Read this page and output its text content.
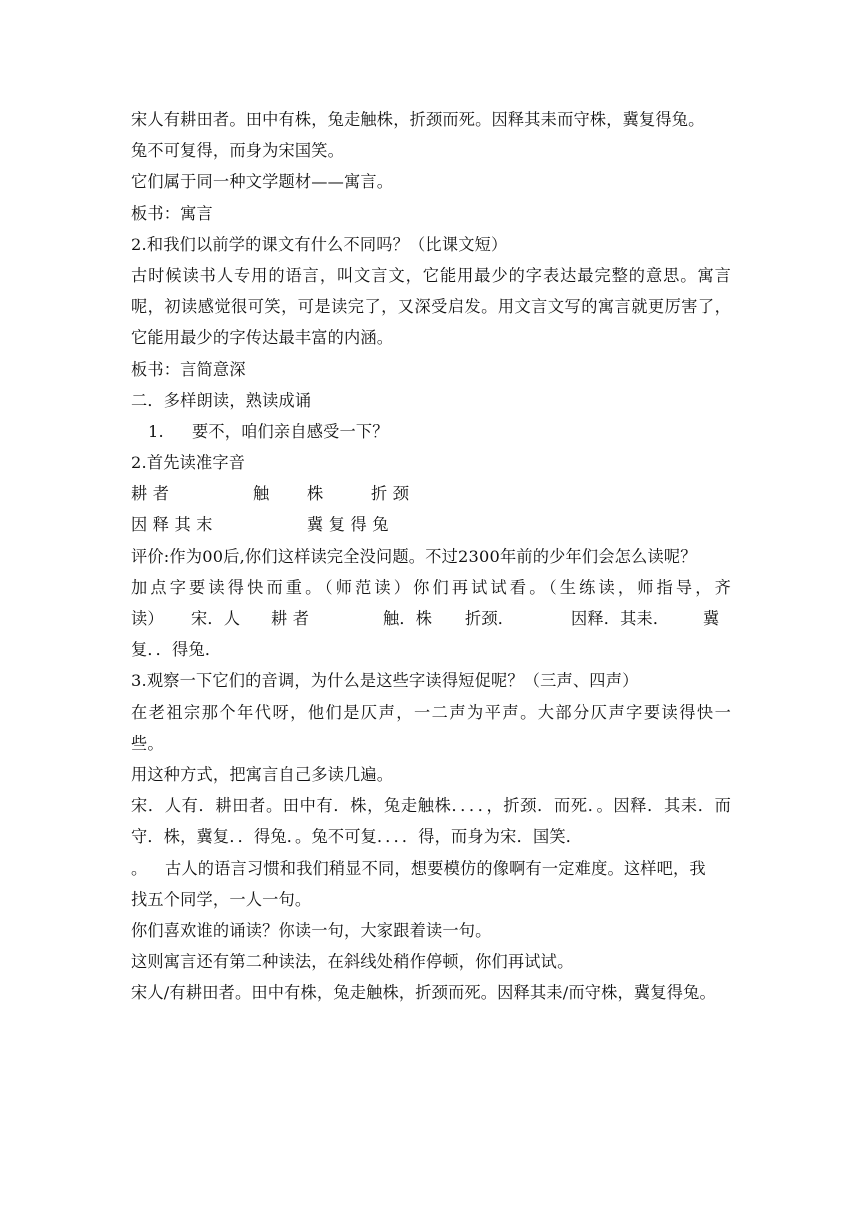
宋人有耕田者。田中有株，兔走触株，折颈而死。因释其耒而守株，冀复得兔。
兔不可复得，而身为宋国笑。
它们属于同一种文学题材——寓言。
板书：寓言
2.和我们以前学的课文有什么不同吗？（比课文短）
古时候读书人专用的语言，叫文言文，它能用最少的字表达最完整的意思。寓言
呢，初读感觉很可笑，可是读完了，又深受启发。用文言文写的寓言就更厉害了，
它能用最少的字传达最丰富的内涵。
板书：言简意深
二．多样朗读，熟读成诵
1. 要不，咱们亲自感受一下？
2.首先读准字音
耕 者	触 株	折 颈
因 释 其 末	冀 复 得 兔
评价:作为00后,你们这样读完全没问题。不过2300年前的少年们会怎么读呢？
加点字要读得快而重。（师范读）你们再试试看。（生练读，师指导，齐
读） 宋．人 耕 者	触．株 折颈．	因释．其耒． 冀
复．．得兔．
3.观察一下它们的音调，为什么是这些字读得短促呢？（三声、四声）
在老祖宗那个年代呀，他们是仄声，一二声为平声。大部分仄声字要读得快一
些。
用这种方式，把寓言自己多读几遍。
宋．人有．耕田者。田中有．株，兔走触株．．．．，折颈．而死．。因释．其耒．而
守．株，冀复．．得兔．。兔不可复．．．．得，而身为宋．国笑．
。 古人的语言习惯和我们稍显不同，想要模仿的像啊有一定难度。这样吧，我
找五个同学，一人一句。
你们喜欢谁的诵读？你读一句，大家跟着读一句。
这则寓言还有第二种读法，在斜线处稍作停顿，你们再试试。
宋人/有耕田者。田中有株，兔走触株，折颈而死。因释其耒/而守株，冀复得兔。
